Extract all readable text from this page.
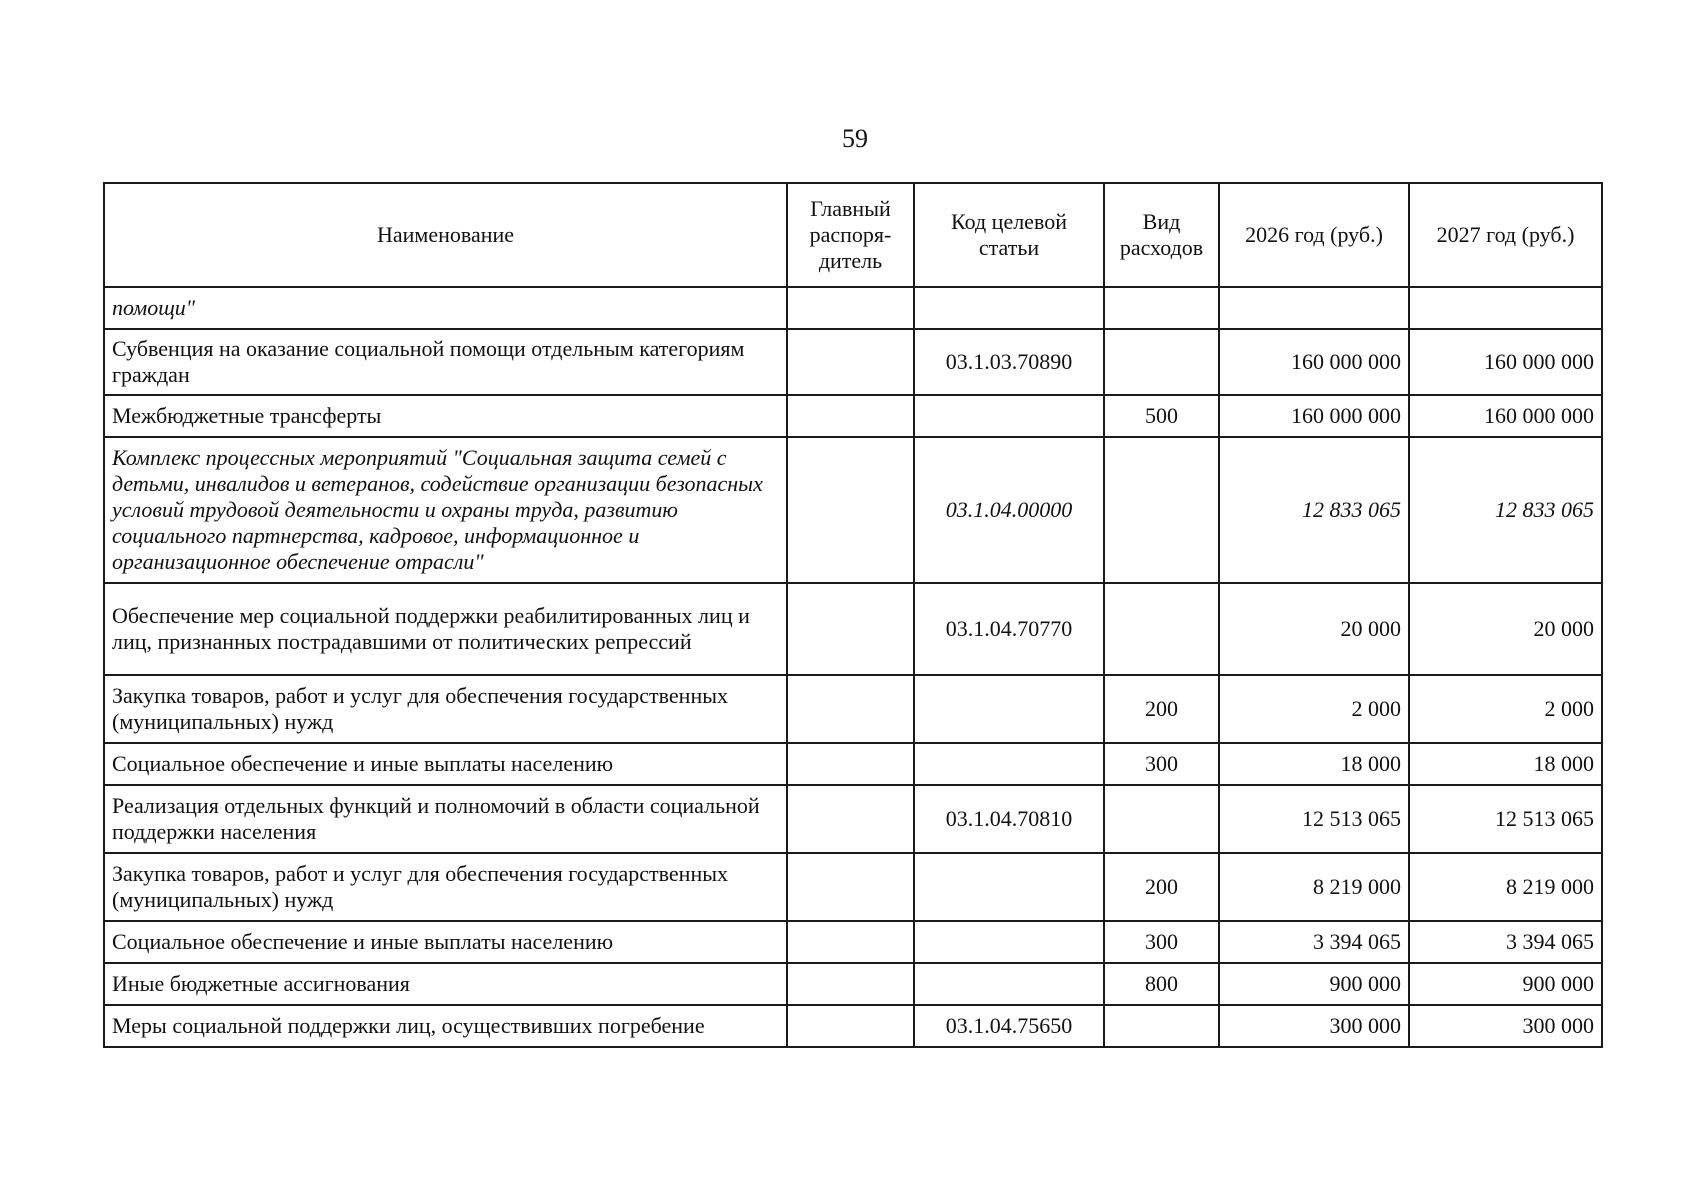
59
Наименование	Главный распоря-дитель	Код целевой статьи	Вид расходов	2026 год (руб.)	2027 год (руб.)
помощи"					
Субвенция на оказание социальной помощи отдельным категориям граждан		03.1.03.70890		160 000 000	160 000 000
Межбюджетные трансферты			500	160 000 000	160 000 000
Комплекс процессных мероприятий "Социальная защита семей с детьми, инвалидов и ветеранов, содействие организации безопасных условий трудовой деятельности и охраны труда, развитию социального партнерства, кадровое, информационное и организационное обеспечение отрасли"		03.1.04.00000		12 833 065	12 833 065
Обеспечение мер социальной поддержки реабилитированных лиц и лиц, признанных пострадавшими от политических репрессий		03.1.04.70770		20 000	20 000
Закупка товаров, работ и услуг для обеспечения государственных (муниципальных) нужд			200	2 000	2 000
Социальное обеспечение и иные выплаты населению			300	18 000	18 000
Реализация отдельных функций и полномочий в области социальной поддержки населения		03.1.04.70810		12 513 065	12 513 065
Закупка товаров, работ и услуг для обеспечения государственных (муниципальных) нужд			200	8 219 000	8 219 000
Социальное обеспечение и иные выплаты населению			300	3 394 065	3 394 065
Иные бюджетные ассигнования			800	900 000	900 000
Меры социальной поддержки лиц, осуществивших погребение		03.1.04.75650		300 000	300 000
